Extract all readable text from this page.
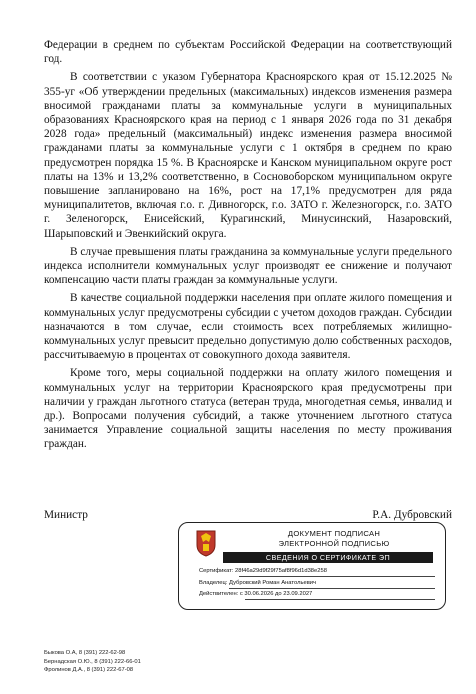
Федерации в среднем по субъектам Российской Федерации на соответствующий год.

В соответствии с указом Губернатора Красноярского края от 15.12.2025 № 355-уг «Об утверждении предельных (максимальных) индексов изменения размера вносимой гражданами платы за коммунальные услуги в муниципальных образованиях Красноярского края на период с 1 января 2026 года по 31 декабря 2028 года» предельный (максимальный) индекс изменения размера вносимой гражданами платы за коммунальные услуги с 1 октября в среднем по краю предусмотрен порядка 15 %. В Красноярске и Канском муниципальном округе рост платы на 13% и 13,2% соответственно, в Сосновоборском муниципальном округе повышение запланировано на 16%, рост на 17,1% предусмотрен для ряда муниципалитетов, включая г.о. г. Дивногорск, г.о. ЗАТО г. Железногорск, г.о. ЗАТО г. Зеленогорск, Енисейский, Курагинский, Минусинский, Назаровский, Шарыповский и Эвенкийский округа.

В случае превышения платы гражданина за коммунальные услуги предельного индекса исполнители коммунальных услуг производят ее снижение и получают компенсацию части платы граждан за коммунальные услуги.

В качестве социальной поддержки населения при оплате жилого помещения и коммунальных услуг предусмотрены субсидии с учетом доходов граждан. Субсидии назначаются в том случае, если стоимость всех потребляемых жилищно-коммунальных услуг превысит предельно допустимую долю собственных расходов, рассчитываемую в процентах от совокупного дохода заявителя.

Кроме того, меры социальной поддержки на оплату жилого помещения и коммунальных услуг на территории Красноярского края предусмотрены при наличии у граждан льготного статуса (ветеран труда, многодетная семья, инвалид и др.). Вопросами получения субсидий, а также уточнением льготного статуса занимается Управление социальной защиты населения по месту проживания граждан.

Министр	Р.А. Дубровский
ДОКУМЕНТ ПОДПИСАН
ЭЛЕКТРОННОЙ ПОДПИСЬЮ
СВЕДЕНИЯ О СЕРТИФИКАТЕ ЭП
Сертификат: 28f46a29d9f29f75af8f96d1d38e258
Владелец: Дубровский Роман Анатольевич
Действителен: с 30.06.2026 до 23.09.2027
Быкова О.А, 8 (391) 222-62-98
Бернадская О.Ю., 8 (391) 222-66-01
Фролинов Д.А., 8 (391) 222-67-08
